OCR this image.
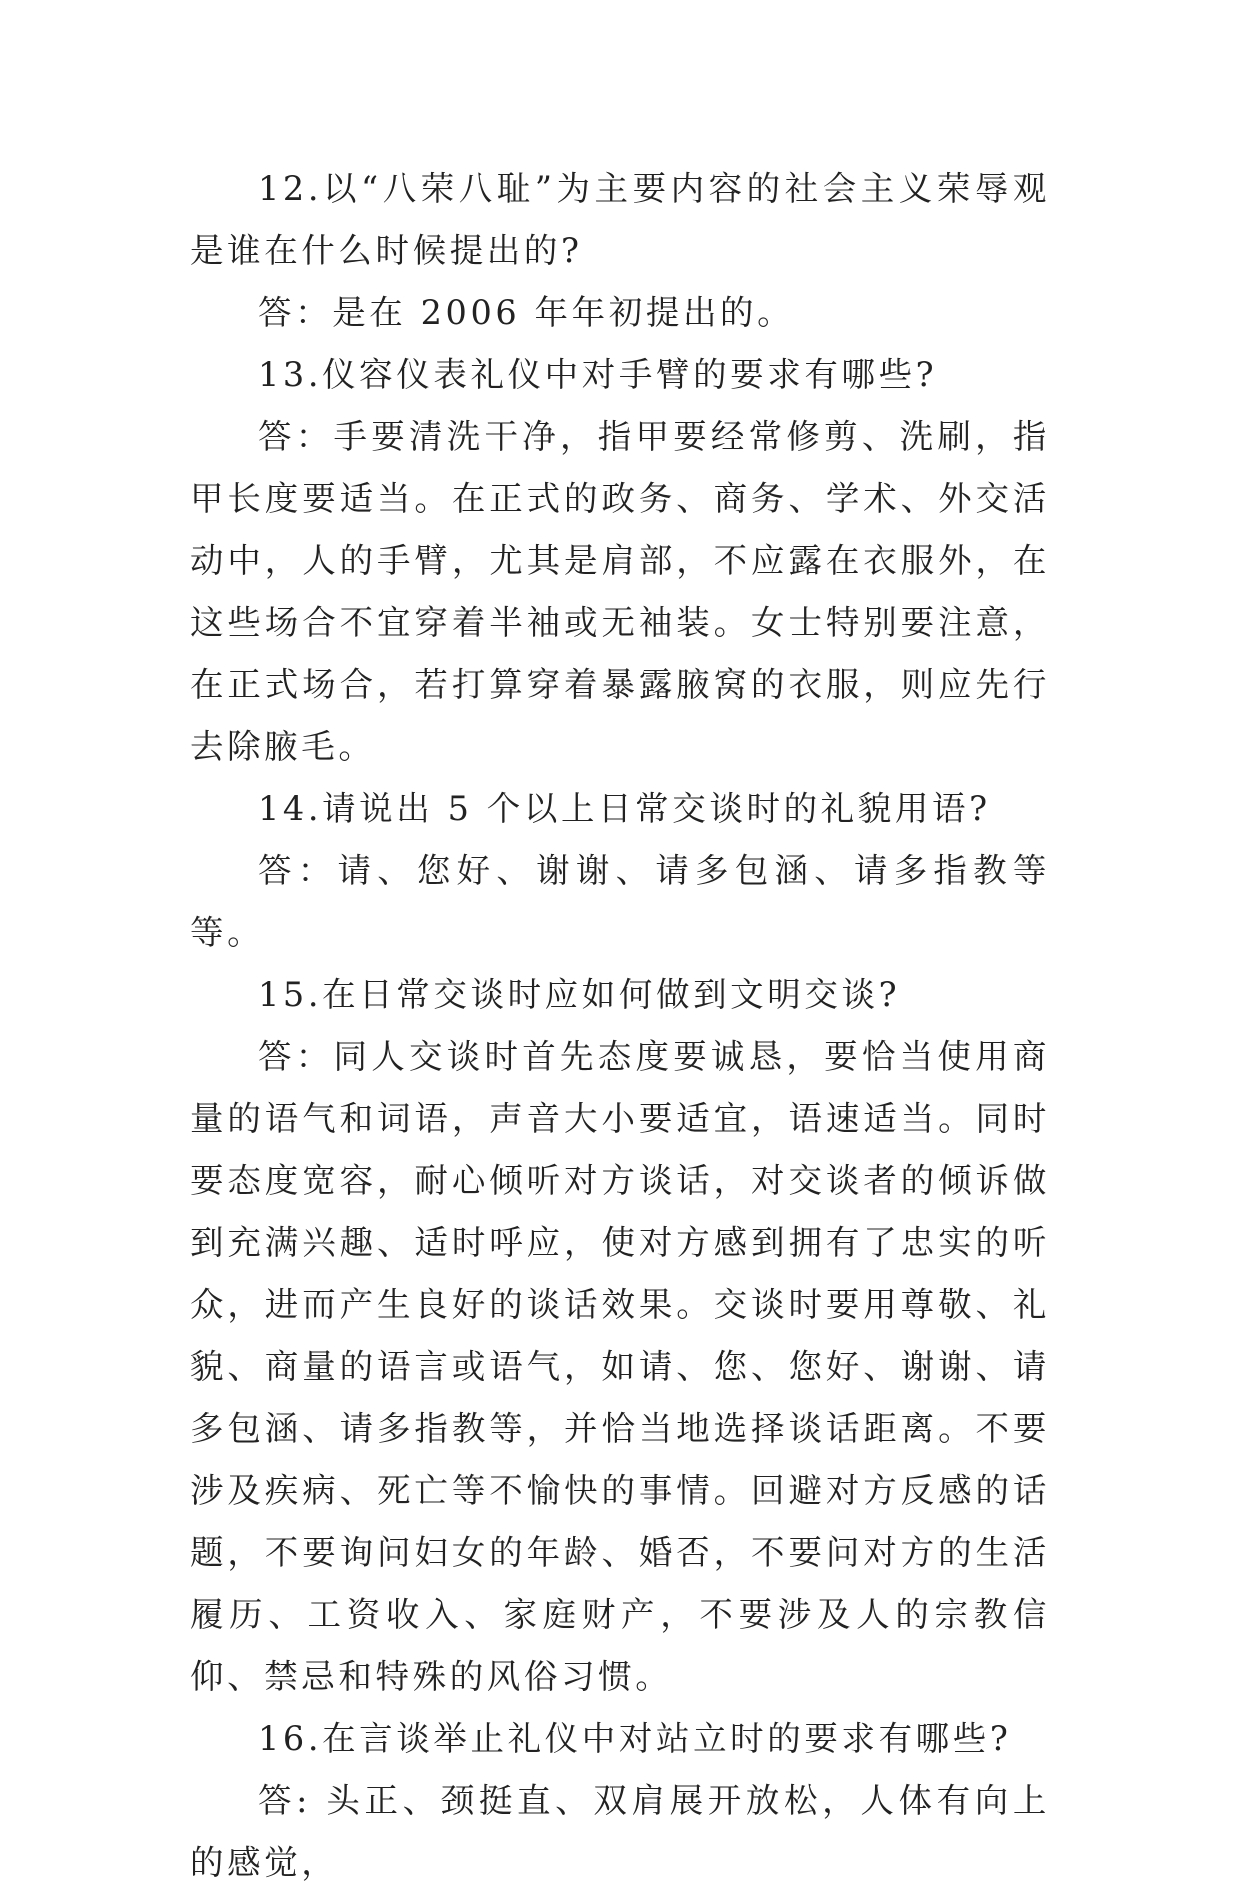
12.以“八荣八耻”为主要内容的社会主义荣辱观是谁在什么时候提出的?

答：是在 2006 年年初提出的。

13.仪容仪表礼仪中对手臂的要求有哪些?

答：手要清洗干净，指甲要经常修剪、洗刷，指甲长度要适当。在正式的政务、商务、学术、外交活动中，人的手臂，尤其是肩部，不应露在衣服外，在这些场合不宜穿着半袖或无袖装。女士特别要注意，在正式场合，若打算穿着暴露腋窝的衣服，则应先行去除腋毛。

14.请说出 5 个以上日常交谈时的礼貌用语?

答：请、您好、谢谢、请多包涵、请多指教等等。

15.在日常交谈时应如何做到文明交谈?

答：同人交谈时首先态度要诚恳，要恰当使用商量的语气和词语，声音大小要适宜，语速适当。同时要态度宽容，耐心倾听对方谈话，对交谈者的倾诉做到充满兴趣、适时呼应，使对方感到拥有了忠实的听众，进而产生良好的谈话效果。交谈时要用尊敬、礼貌、商量的语言或语气，如请、您、您好、谢谢、请多包涵、请多指教等，并恰当地选择谈话距离。不要涉及疾病、死亡等不愉快的事情。回避对方反感的话题，不要询问妇女的年龄、婚否，不要问对方的生活履历、工资收入、家庭财产，不要涉及人的宗教信仰、禁忌和特殊的风俗习惯。

16.在言谈举止礼仪中对站立时的要求有哪些?

答: 头正、颈挺直、双肩展开放松，人体有向上的感觉，
